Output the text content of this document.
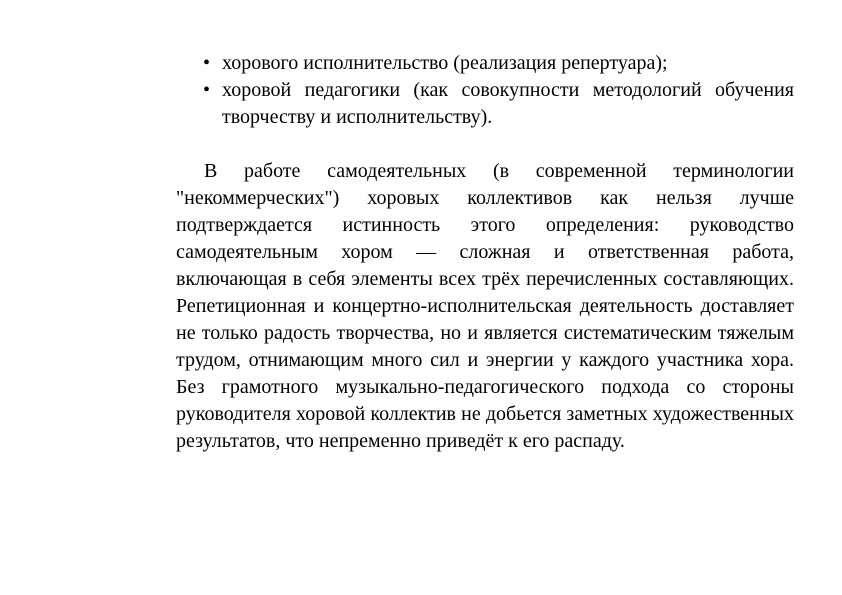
• хорового исполнительство (реализация репертуара);
• хоровой педагогики (как совокупности методологий обучения творчеству и исполнительству).

В работе самодеятельных (в современной терминологии "некоммерческих") хоровых коллективов как нельзя лучше подтверждается истинность этого определения: руководство самодеятельным хором — сложная и ответственная работа, включающая в себя элементы всех трёх перечисленных составляющих. Репетиционная и концертно-исполнительская деятельность доставляет не только радость творчества, но и является систематическим тяжелым трудом, отнимающим много сил и энергии у каждого участника хора. Без грамотного музыкально-педагогического подхода со стороны руководителя хоровой коллектив не добьется заметных художественных результатов, что непременно приведёт к его распаду.
